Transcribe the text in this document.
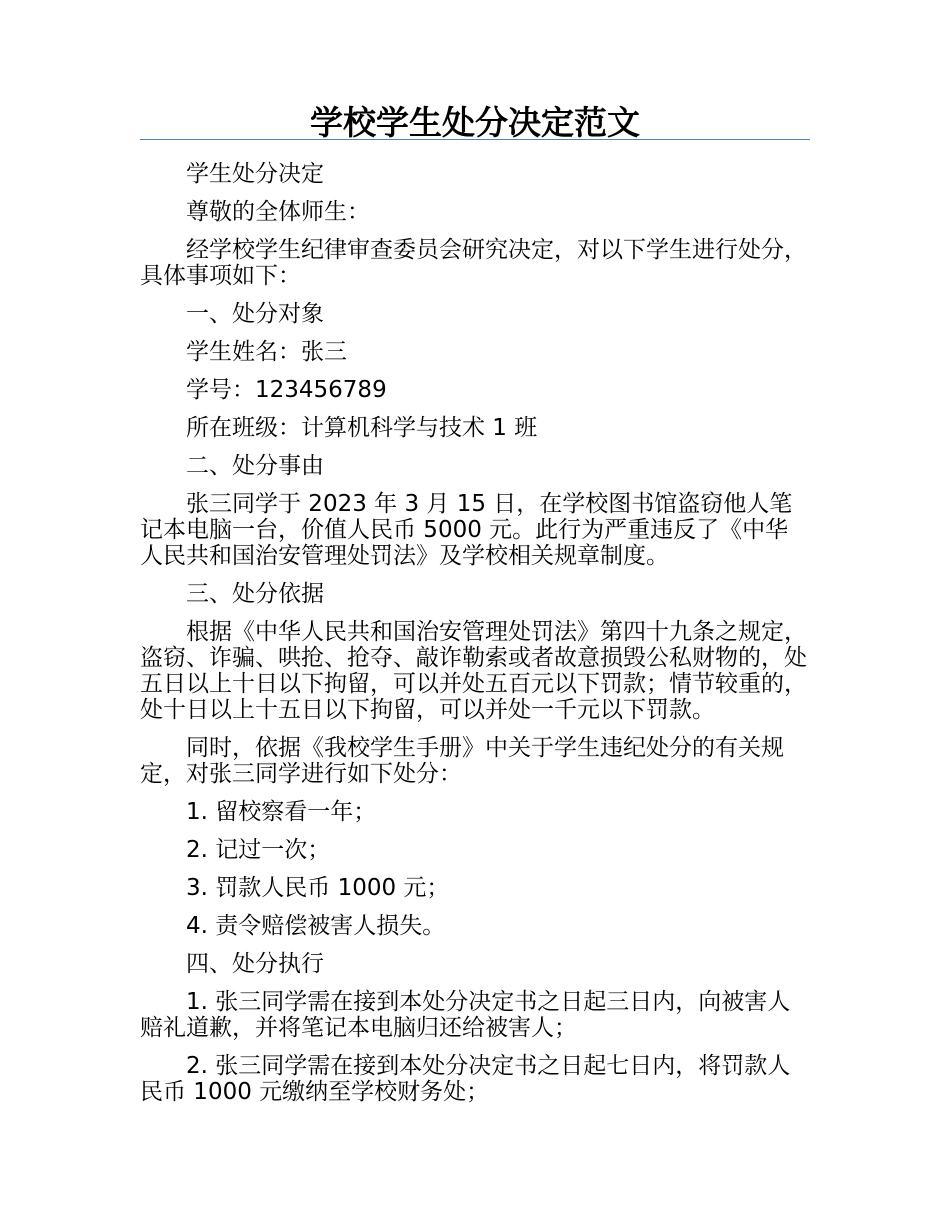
学校学生处分决定范文

学生处分决定

尊敬的全体师生：

经学校学生纪律审查委员会研究决定，对以下学生进行处分，具体事项如下：

一、处分对象

学生姓名：张三

学号：123456789

所在班级：计算机科学与技术 1 班

二、处分事由

张三同学于 2023 年 3 月 15 日，在学校图书馆盗窃他人笔记本电脑一台，价值人民币 5000 元。此行为严重违反了《中华人民共和国治安管理处罚法》及学校相关规章制度。

三、处分依据

根据《中华人民共和国治安管理处罚法》第四十九条之规定，盗窃、诈骗、哄抢、抢夺、敲诈勒索或者故意损毁公私财物的，处五日以上十日以下拘留，可以并处五百元以下罚款；情节较重的，处十日以上十五日以下拘留，可以并处一千元以下罚款。

同时，依据《我校学生手册》中关于学生违纪处分的有关规定，对张三同学进行如下处分：

1. 留校察看一年；

2. 记过一次；

3. 罚款人民币 1000 元；

4. 责令赔偿被害人损失。

四、处分执行

1. 张三同学需在接到本处分决定书之日起三日内，向被害人赔礼道歉，并将笔记本电脑归还给被害人；

2. 张三同学需在接到本处分决定书之日起七日内，将罚款人民币 1000 元缴纳至学校财务处；
